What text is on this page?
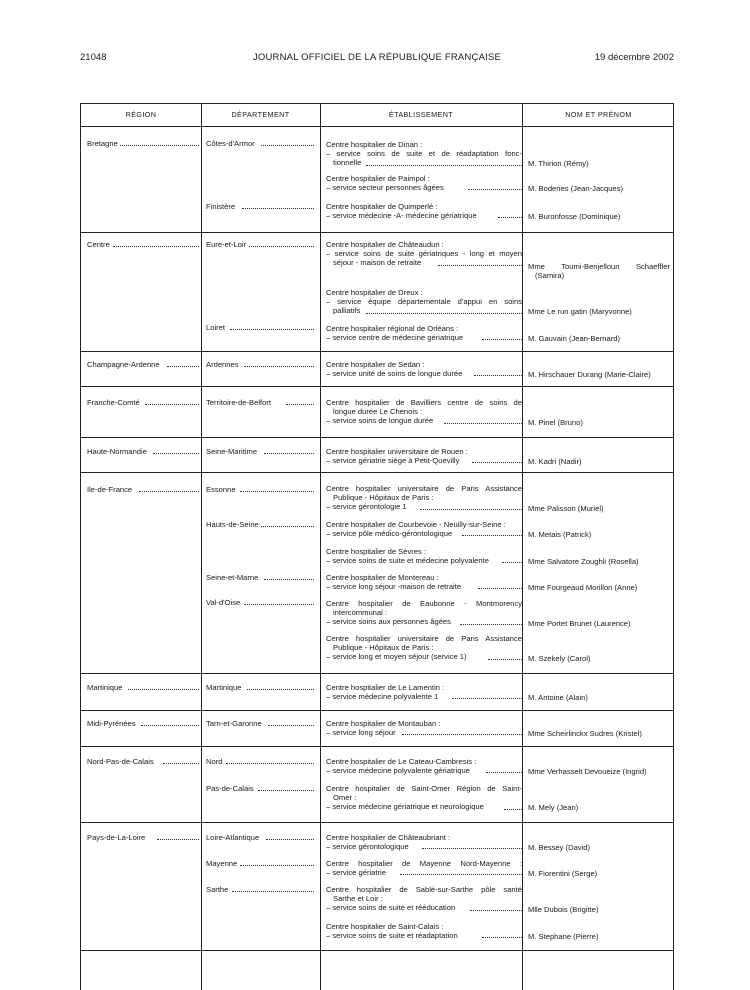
21048	JOURNAL OFFICIEL DE LA RÉPUBLIQUE FRANÇAISE	19 décembre 2002
RÉGION	DÉPARTEMENT	ÉTABLISSEMENT	NOM ET PRÉNOM
Bretagne	Côtes-d'Armor	Centre hospitalier de Dinan :
– service soins de suite et de réadaptation fonc-
tionnelle	M. Thirion (Rémy)
Centre hospitalier de Paimpol :
– service secteur personnes âgées	M. Bodenes (Jean-Jacques)
Finistère	Centre hospitalier de Quimperlé :
– service médecine -A- médecine gériatrique	M. Buronfosse (Dominique)
Centre	Eure-et-Loir	Centre hospitalier de Châteaudun :
– service soins de suite gériatriques - long et moyen
séjour - maison de retraite	Mme Toumi-Benjelloun Schaeffler
(Samira)
Centre hospitalier de Dreux :
– service équipe départementale d'appui en soins
palliatifs	Mme Le run gatin (Maryvonne)
Loiret	Centre hospitalier régional de Orléans :
– service centre de médecine gériatrique	M. Gauvain (Jean-Bernard)
Champagne-Ardenne	Ardennes	Centre hospitalier de Sedan :
– service unité de soins de longue durée	M. Hirschauer Durang (Marie-Claire)
Franche-Comté	Territoire-de-Belfort	Centre hospitalier de Bavilliers centre de soins de
longue durée Le Chenois :
– service soins de longue durée	M. Pinel (Bruno)
Haute-Normandie	Seine-Maritime	Centre hospitalier universitaire de Rouen :
– service gériatrie siège à Petit-Quevilly	M. Kadri (Nadir)
Ile-de-France	Essonne	Centre hospitalier universitaire de Paris Assistance
Publique - Hôpitaux de Paris :
– service gérontologie 1	Mme Palisson (Muriel)
Hauts-de-Seine	Centre hospitalier de Courbevoie - Neuilly-sur-Seine :
– service pôle médico-gérontologique	M. Metais (Patrick)
Centre hospitalier de Sèvres :
– service soins de suite et médecine polyvalente	Mme Salvatore Zoughli (Rosella)
Seine-et-Marne	Centre hospitalier de Montereau :
– service long séjour -maison de retraite	Mme Fourgeaud Morillon (Anne)
Val-d'Oise	Centre hospitalier de Eaubonne - Montmorency
intercommunal :
– service soins aux personnes âgées	Mme Portet Brunet (Laurence)
Centre hospitalier universitaire de Paris Assistance
Publique - Hôpitaux de Paris :
– service long et moyen séjour (service 1)	M. Szekely (Carol)
Martinique	Martinique	Centre hospitalier de Le Lamentin :
– service médecine polyvalente 1	M. Antoine (Alain)
Midi-Pyrénées	Tarn-et-Garonne	Centre hospitalier de Montauban :
– service long séjour	Mme Scheirlinckx Sudres (Kristel)
Nord-Pas-de-Calais	Nord	Centre hospitalier de Le Cateau-Cambresis :
– service médecine polyvalente gériatrique	Mme Verhasselt Devoueize (Ingrid)
Pas-de-Calais	Centre hospitalier de Saint-Omer Région de Saint-
Omer :
– service médecine gériatrique et neurologique	M. Mely (Jean)
Pays-de-La-Loire	Loire-Atlantique	Centre hospitalier de Châteaubriant :
– service gérontologique	M. Bessey (David)
Mayenne	Centre hospitalier de Mayenne Nord-Mayenne :
– service gériatrie	M. Fiorentini (Serge)
Sarthe	Centre hospitalier de Sablé-sur-Sarthe pôle santé
Sarthe et Loir :
– service soins de suite et rééducation	Mlle Dubois (Brigitte)
Centre hospitalier de Saint-Calais :
– service soins de suite et réadaptation	M. Stephane (Pierre)
